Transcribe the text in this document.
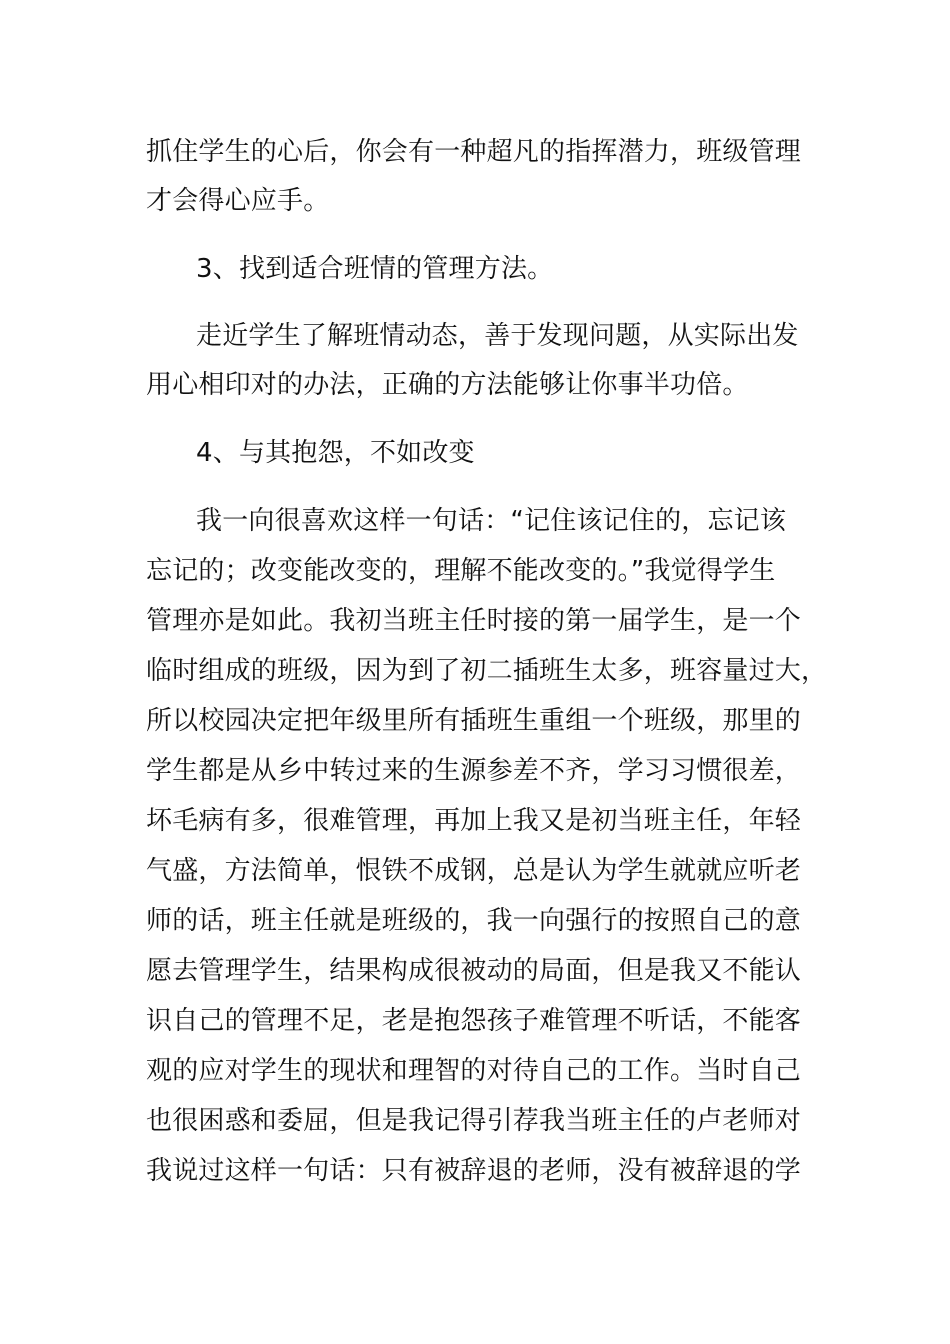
抓住学生的心后，你会有一种超凡的指挥潜力，班级管理
才会得心应手。
3、找到适合班情的管理方法。
走近学生了解班情动态，善于发现问题，从实际出发
用心相印对的办法，正确的方法能够让你事半功倍。
4、与其抱怨，不如改变
我一向很喜欢这样一句话：“记住该记住的，忘记该
忘记的；改变能改变的，理解不能改变的。”我觉得学生
管理亦是如此。我初当班主任时接的第一届学生，是一个
临时组成的班级，因为到了初二插班生太多，班容量过大，
所以校园决定把年级里所有插班生重组一个班级，那里的
学生都是从乡中转过来的生源参差不齐，学习习惯很差，
坏毛病有多，很难管理，再加上我又是初当班主任，年轻
气盛，方法简单，恨铁不成钢，总是认为学生就就应听老
师的话，班主任就是班级的，我一向强行的按照自己的意
愿去管理学生，结果构成很被动的局面，但是我又不能认
识自己的管理不足，老是抱怨孩子难管理不听话，不能客
观的应对学生的现状和理智的对待自己的工作。当时自己
也很困惑和委屈，但是我记得引荐我当班主任的卢老师对
我说过这样一句话：只有被辞退的老师，没有被辞退的学
